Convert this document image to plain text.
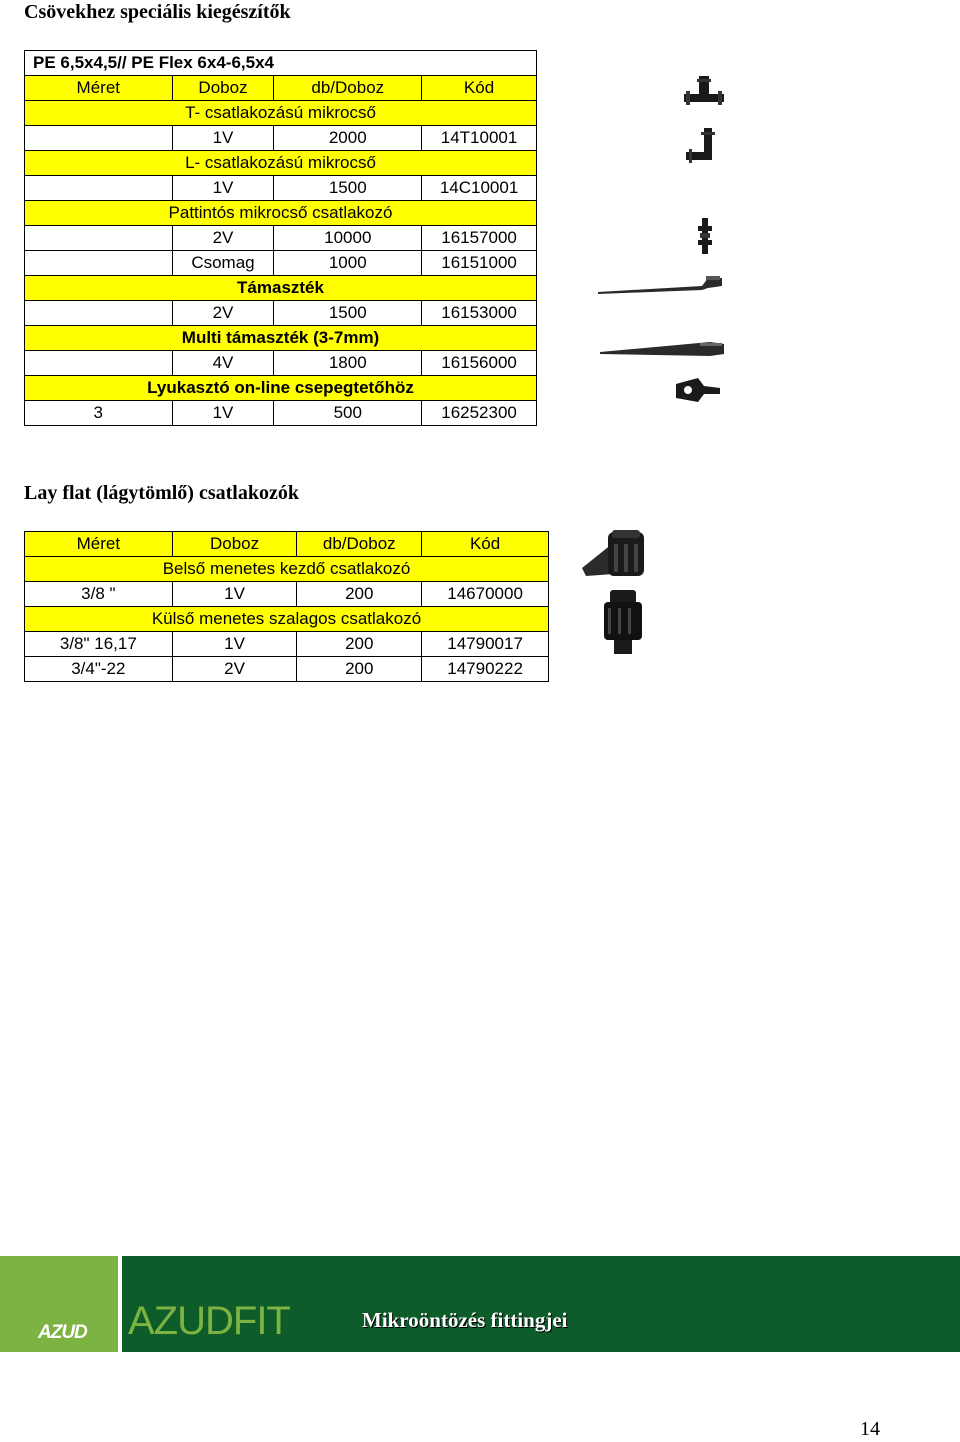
Csövekhez speciális kiegészítők
PE 6,5x4,5// PE Flex 6x4-6,5x4			
Méret	Doboz	db/Doboz	Kód
T- csatlakozású mikrocső			
	1V	2000	14T10001
L- csatlakozású mikrocső			
	1V	1500	14C10001
Pattintós mikrocső csatlakozó			
	2V	10000	16157000
	Csomag	1000	16151000
Támaszték			
	2V	1500	16153000
Multi támaszték (3-7mm)			
	4V	1800	16156000
Lyukasztó on-line csepegtetőhöz			
3	1V	500	16252300
Lay flat (lágytömlő) csatlakozók
Méret	Doboz	db/Doboz	Kód
Belső menetes kezdő csatlakozó			
3/8 "	1V	200	14670000
Külső menetes szalagos csatlakozó			
3/8" 16,17	1V	200	14790017
3/4"-22	2V	200	14790222
AZUD AZUDFIT	Mikroöntözés fittingjei
14
